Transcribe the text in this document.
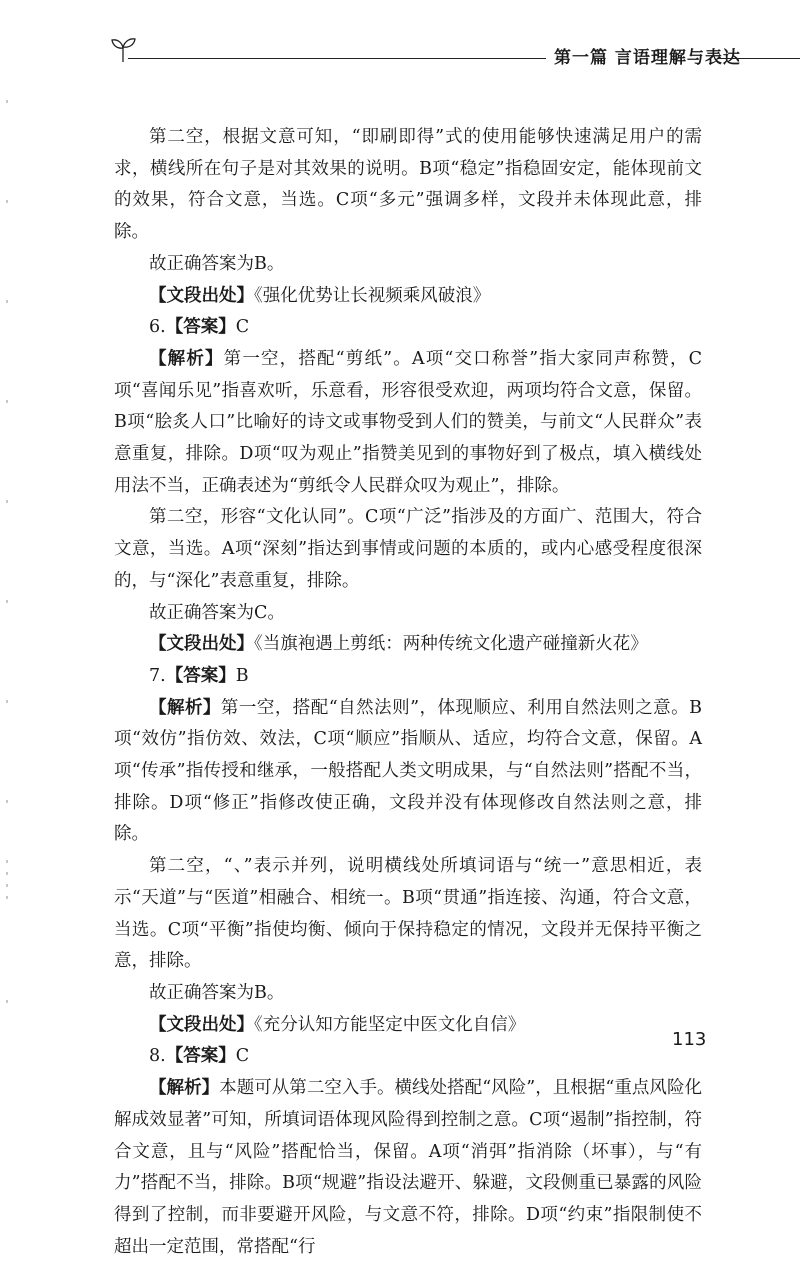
第一篇 言语理解与表达

第二空，根据文意可知，“即刷即得”式的使用能够快速满足用户的需求，横线所在句子是对其效果的说明。B项“稳定”指稳固安定，能体现前文的效果，符合文意，当选。C项“多元”强调多样，文段并未体现此意，排除。

故正确答案为B。

【文段出处】《强化优势让长视频乘风破浪》

6.【答案】C

【解析】第一空，搭配“剪纸”。A项“交口称誉”指大家同声称赞，C项“喜闻乐见”指喜欢听，乐意看，形容很受欢迎，两项均符合文意，保留。B项“脍炙人口”比喻好的诗文或事物受到人们的赞美，与前文“人民群众”表意重复，排除。D项“叹为观止”指赞美见到的事物好到了极点，填入横线处用法不当，正确表述为“剪纸令人民群众叹为观止”，排除。

第二空，形容“文化认同”。C项“广泛”指涉及的方面广、范围大，符合文意，当选。A项“深刻”指达到事情或问题的本质的，或内心感受程度很深的，与“深化”表意重复，排除。

故正确答案为C。

【文段出处】《当旗袍遇上剪纸：两种传统文化遗产碰撞新火花》

7.【答案】B

【解析】第一空，搭配“自然法则”，体现顺应、利用自然法则之意。B项“效仿”指仿效、效法，C项“顺应”指顺从、适应，均符合文意，保留。A项“传承”指传授和继承，一般搭配人类文明成果，与“自然法则”搭配不当，排除。D项“修正”指修改使正确，文段并没有体现修改自然法则之意，排除。

第二空，“、”表示并列，说明横线处所填词语与“统一”意思相近，表示“天道”与“医道”相融合、相统一。B项“贯通”指连接、沟通，符合文意，当选。C项“平衡”指使均衡、倾向于保持稳定的情况，文段并无保持平衡之意，排除。

故正确答案为B。

【文段出处】《充分认知方能坚定中医文化自信》

8.【答案】C

【解析】本题可从第二空入手。横线处搭配“风险”，且根据“重点风险化解成效显著”可知，所填词语体现风险得到控制之意。C项“遏制”指控制，符合文意，且与“风险”搭配恰当，保留。A项“消弭”指消除（坏事），与“有力”搭配不当，排除。B项“规避”指设法避开、躲避，文段侧重已暴露的风险得到了控制，而非要避开风险，与文意不符，排除。D项“约束”指限制使不超出一定范围，常搭配“行

113
